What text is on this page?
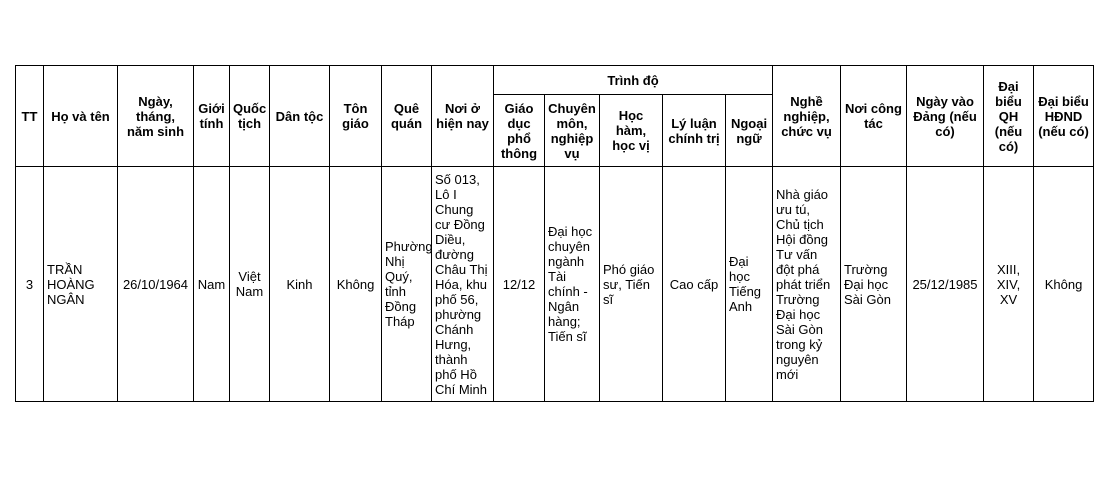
TT	Họ và tên	Ngày, tháng, năm sinh	Giới tính	Quốc tịch	Dân tộc	Tôn giáo	Quê quán	Nơi ở hiện nay	Trình độ					Nghề nghiệp, chức vụ	Nơi công tác	Ngày vào Đảng (nếu có)	Đại biểu QH (nếu có)	Đại biểu HĐND (nếu có)
									Giáo dục phổ thông	Chuyên môn, nghiệp vụ	Học hàm, học vị	Lý luận chính trị	Ngoại ngữ					
3	TRẦN HOÀNG NGÂN	26/10/1964	Nam	Việt Nam	Kinh	Không	Phường Nhị Quý, tỉnh Đồng Tháp	Số 013, Lô I Chung cư Đồng Diều, đường Châu Thị Hóa, khu phố 56, phường Chánh Hưng, thành phố Hồ Chí Minh	12/12	Đại học chuyên ngành Tài chính - Ngân hàng; Tiến sĩ	Phó giáo sư, Tiến sĩ	Cao cấp	Đại học Tiếng Anh	Nhà giáo ưu tú, Chủ tịch Hội đồng Tư vấn đột phá phát triển Trường Đại học Sài Gòn trong kỷ nguyên mới	Trường Đại học Sài Gòn	25/12/1985	XIII, XIV, XV	Không
